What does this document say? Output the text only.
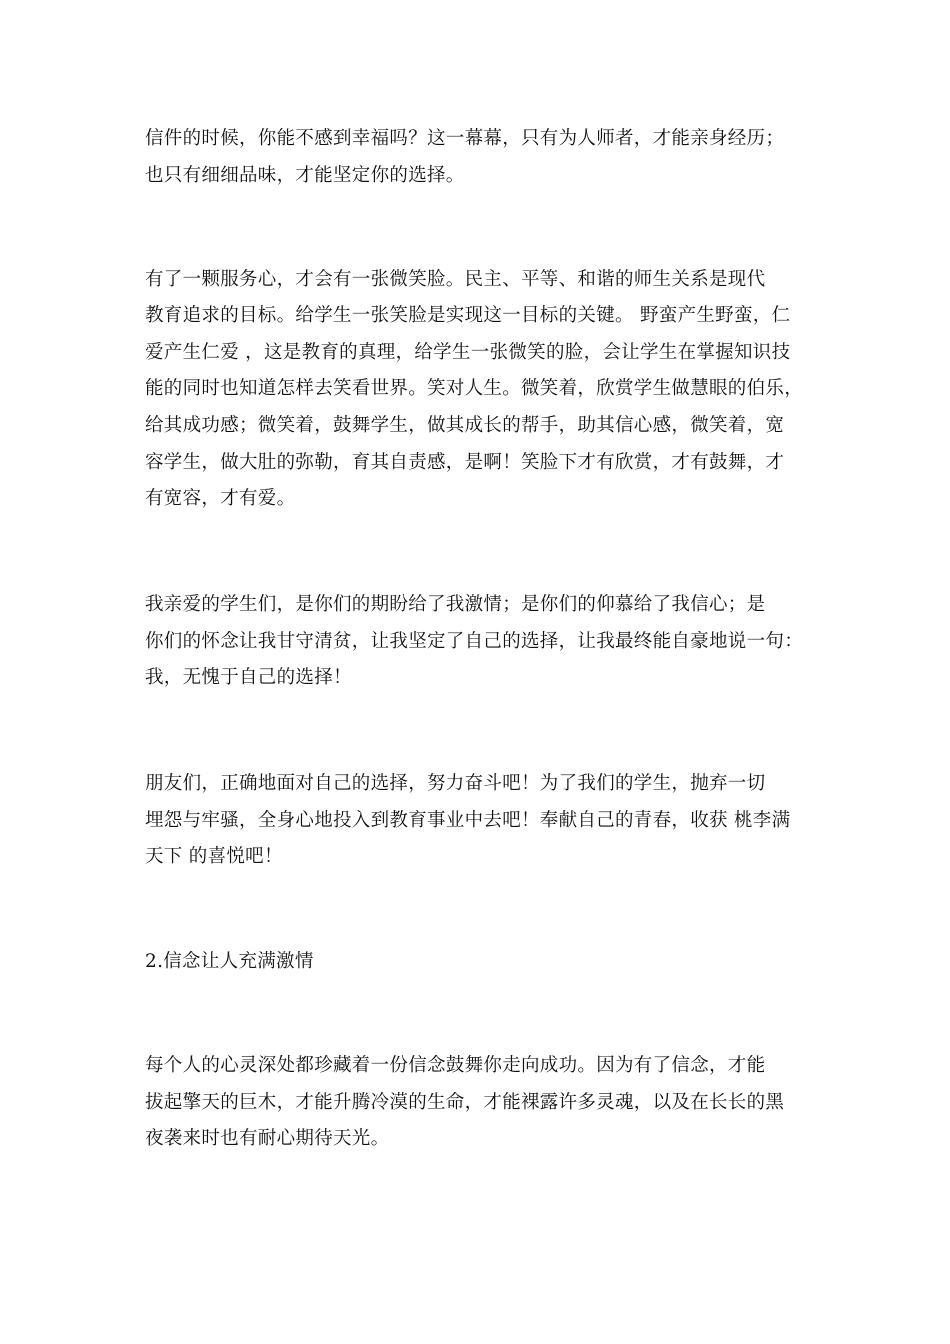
信件的时候，你能不感到幸福吗？这一幕幕，只有为人师者，才能亲身经历；
也只有细细品味，才能坚定你的选择。
有了一颗服务心，才会有一张微笑脸。民主、平等、和谐的师生关系是现代
教育追求的目标。给学生一张笑脸是实现这一目标的关键。 野蛮产生野蛮，仁
爱产生仁爱 ，这是教育的真理，给学生一张微笑的脸，会让学生在掌握知识技
能的同时也知道怎样去笑看世界。笑对人生。微笑着，欣赏学生做慧眼的伯乐，
给其成功感；微笑着，鼓舞学生，做其成长的帮手，助其信心感，微笑着，宽
容学生，做大肚的弥勒，育其自责感，是啊！笑脸下才有欣赏，才有鼓舞，才
有宽容，才有爱。
我亲爱的学生们，是你们的期盼给了我激情；是你们的仰慕给了我信心；是
你们的怀念让我甘守清贫，让我坚定了自己的选择，让我最终能自豪地说一句：
我，无愧于自己的选择！
朋友们，正确地面对自己的选择，努力奋斗吧！为了我们的学生，抛弃一切
埋怨与牢骚，全身心地投入到教育事业中去吧！奉献自己的青春，收获 桃李满
天下 的喜悦吧！
2.信念让人充满激情
每个人的心灵深处都珍藏着一份信念鼓舞你走向成功。因为有了信念，才能
拔起擎天的巨木，才能升腾冷漠的生命，才能裸露许多灵魂，以及在长长的黑
夜袭来时也有耐心期待天光。
